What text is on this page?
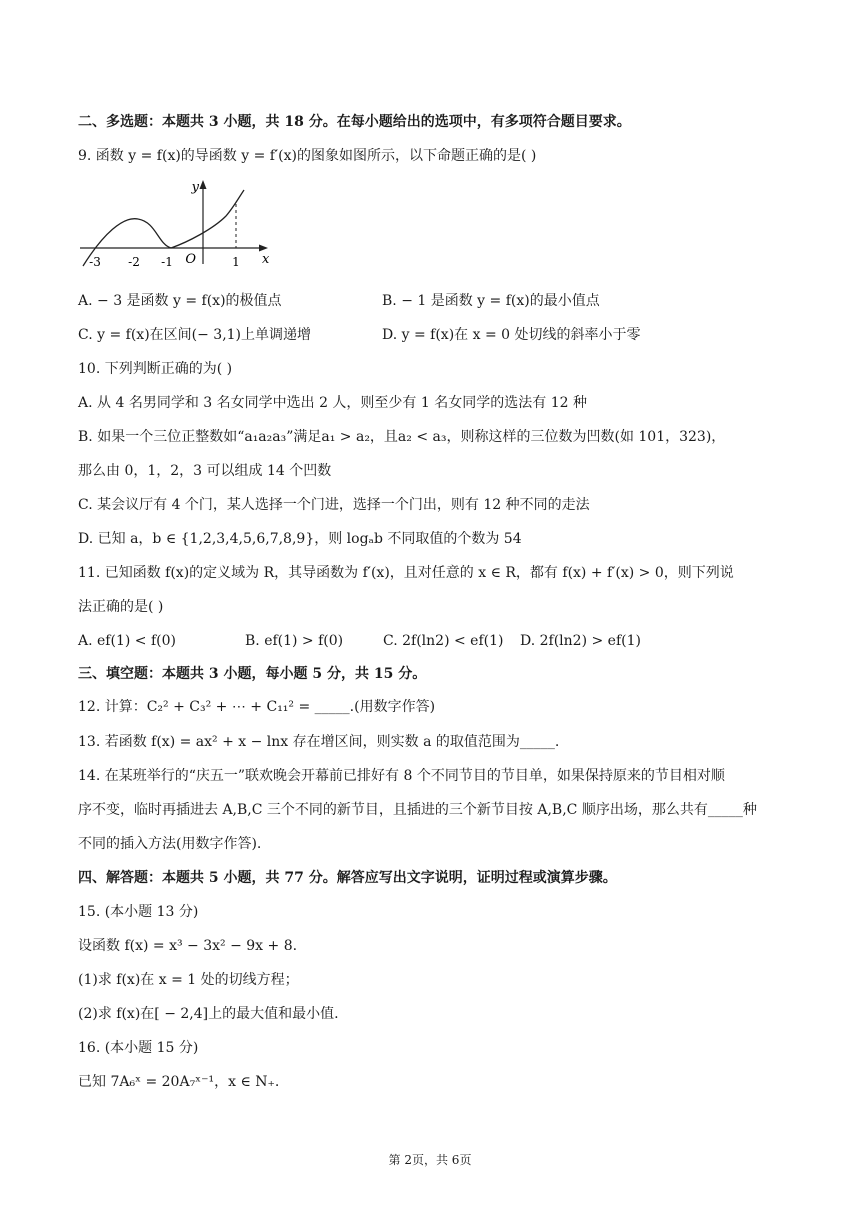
二、多选题：本题共 3 小题，共 18 分。在每小题给出的选项中，有多项符合题目要求。
9. 函数 y = f(x)的导函数 y = f′(x)的图象如图所示，以下命题正确的是( )
y
x
O
-3 -2 -1	1
A. − 3 是函数 y = f(x)的极值点	B. − 1 是函数 y = f(x)的最小值点
C. y = f(x)在区间(− 3,1)上单调递增	D. y = f(x)在 x = 0 处切线的斜率小于零
10. 下列判断正确的为( )
A. 从 4 名男同学和 3 名女同学中选出 2 人，则至少有 1 名女同学的选法有 12 种
B. 如果一个三位正整数如“a₁a₂a₃”满足a₁ > a₂，且a₂ < a₃，则称这样的三位数为凹数(如 101，323)，
那么由 0，1，2，3 可以组成 14 个凹数
C. 某会议厅有 4 个门，某人选择一个门进，选择一个门出，则有 12 种不同的走法
D. 已知 a，b ∈ {1,2,3,4,5,6,7,8,9}，则 logₐb 不同取值的个数为 54
11. 已知函数 f(x)的定义域为 R，其导函数为 f′(x)，且对任意的 x ∈ R，都有 f(x) + f′(x) > 0，则下列说
法正确的是( )
A. ef(1) < f(0)	B. ef(1) > f(0)	C. 2f(ln2) < ef(1) D. 2f(ln2) > ef(1)
三、填空题：本题共 3 小题，每小题 5 分，共 15 分。
12. 计算：C₂² + C₃² + ⋯ + C₁₁² = _____.(用数字作答)
13. 若函数 f(x) = ax² + x − lnx 存在增区间，则实数 a 的取值范围为_____.
14. 在某班举行的“庆五一”联欢晚会开幕前已排好有 8 个不同节目的节目单，如果保持原来的节目相对顺
序不变，临时再插进去 A,B,C 三个不同的新节目，且插进的三个新节目按 A,B,C 顺序出场，那么共有_____种
不同的插入方法(用数字作答).
四、解答题：本题共 5 小题，共 77 分。解答应写出文字说明，证明过程或演算步骤。
15. (本小题 13 分)
设函数 f(x) = x³ − 3x² − 9x + 8.
(1)求 f(x)在 x = 1 处的切线方程；
(2)求 f(x)在[ − 2,4]上的最大值和最小值.
16. (本小题 15 分)
已知 7A₆ˣ = 20A₇ˣ⁻¹，x ∈ N₊.
第 2页，共 6页
